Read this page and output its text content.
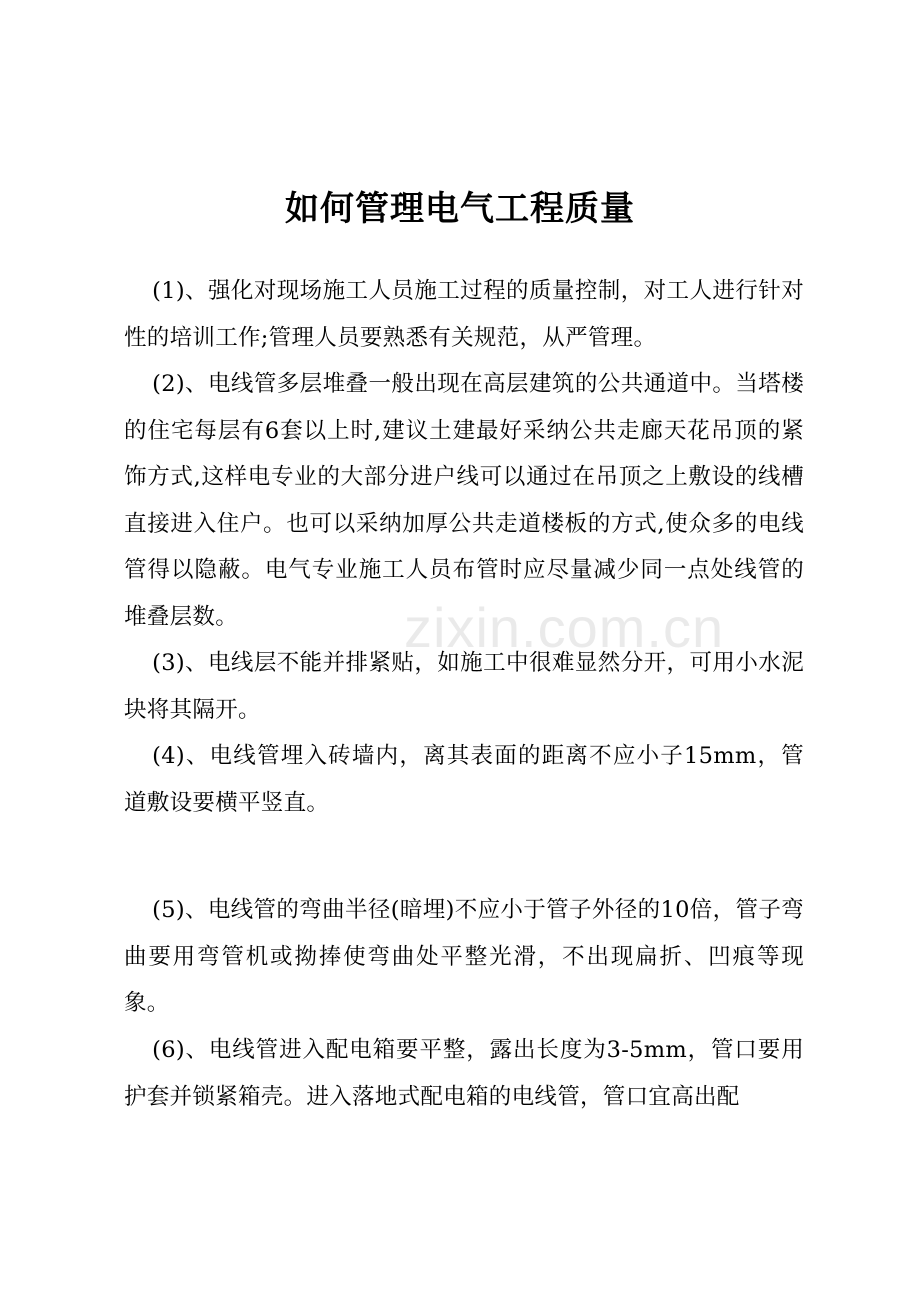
如何管理电气工程质量

(1)、强化对现场施工人员施工过程的质量控制，对工人进行针对性的培训工作;管理人员要熟悉有关规范，从严管理。

(2)、电线管多层堆叠一般出现在高层建筑的公共通道中。当塔楼的住宅每层有6套以上时,建议土建最好采纳公共走廊天花吊顶的紧饰方式,这样电专业的大部分进户线可以通过在吊顶之上敷设的线槽直接进入住户。也可以采纳加厚公共走道楼板的方式,使众多的电线管得以隐蔽。电气专业施工人员布管时应尽量减少同一点处线管的堆叠层数。

(3)、电线层不能并排紧贴，如施工中很难显然分开，可用小水泥块将其隔开。

(4)、电线管埋入砖墙内，离其表面的距离不应小子15mm，管道敷设要横平竖直。

(5)、电线管的弯曲半径(暗埋)不应小于管子外径的10倍，管子弯曲要用弯管机或拗捧使弯曲处平整光滑，不出现扁折、凹痕等现象。

(6)、电线管进入配电箱要平整，露出长度为3-5mm，管口要用护套并锁紧箱壳。进入落地式配电箱的电线管，管口宜高出配

zixin.com.cn
